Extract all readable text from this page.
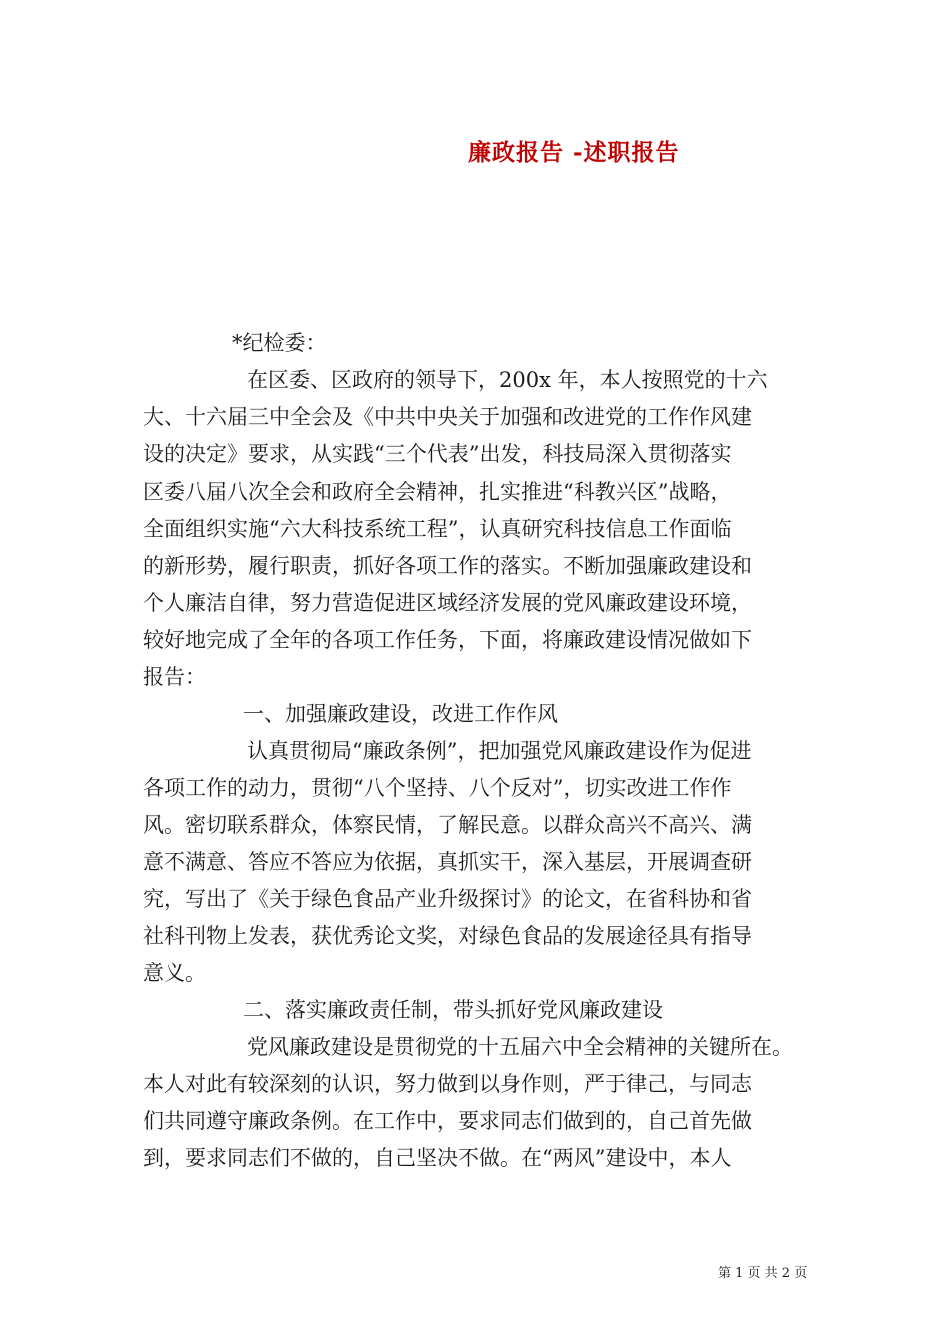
廉政报告 -述职报告
*纪检委：
在区委、区政府的领导下，200x 年，本人按照党的十六
大、十六届三中全会及《中共中央关于加强和改进党的工作作风建
设的决定》要求，从实践“三个代表”出发，科技局深入贯彻落实
区委八届八次全会和政府全会精神，扎实推进“科教兴区”战略，
全面组织实施“六大科技系统工程”，认真研究科技信息工作面临
的新形势，履行职责，抓好各项工作的落实。不断加强廉政建设和
个人廉洁自律，努力营造促进区域经济发展的党风廉政建设环境，
较好地完成了全年的各项工作任务，下面，将廉政建设情况做如下
报告：
一、加强廉政建设，改进工作作风
认真贯彻局“廉政条例”，把加强党风廉政建设作为促进
各项工作的动力，贯彻“八个坚持、八个反对”，切实改进工作作
风。密切联系群众，体察民情，了解民意。以群众高兴不高兴、满
意不满意、答应不答应为依据，真抓实干，深入基层，开展调查研
究，写出了《关于绿色食品产业升级探讨》的论文，在省科协和省
社科刊物上发表，获优秀论文奖，对绿色食品的发展途径具有指导
意义。
二、落实廉政责任制，带头抓好党风廉政建设
党风廉政建设是贯彻党的十五届六中全会精神的关键所在。
本人对此有较深刻的认识，努力做到以身作则，严于律己，与同志
们共同遵守廉政条例。在工作中，要求同志们做到的，自己首先做
到，要求同志们不做的，自己坚决不做。在“两风”建设中，本人
第 1 页 共 2 页
